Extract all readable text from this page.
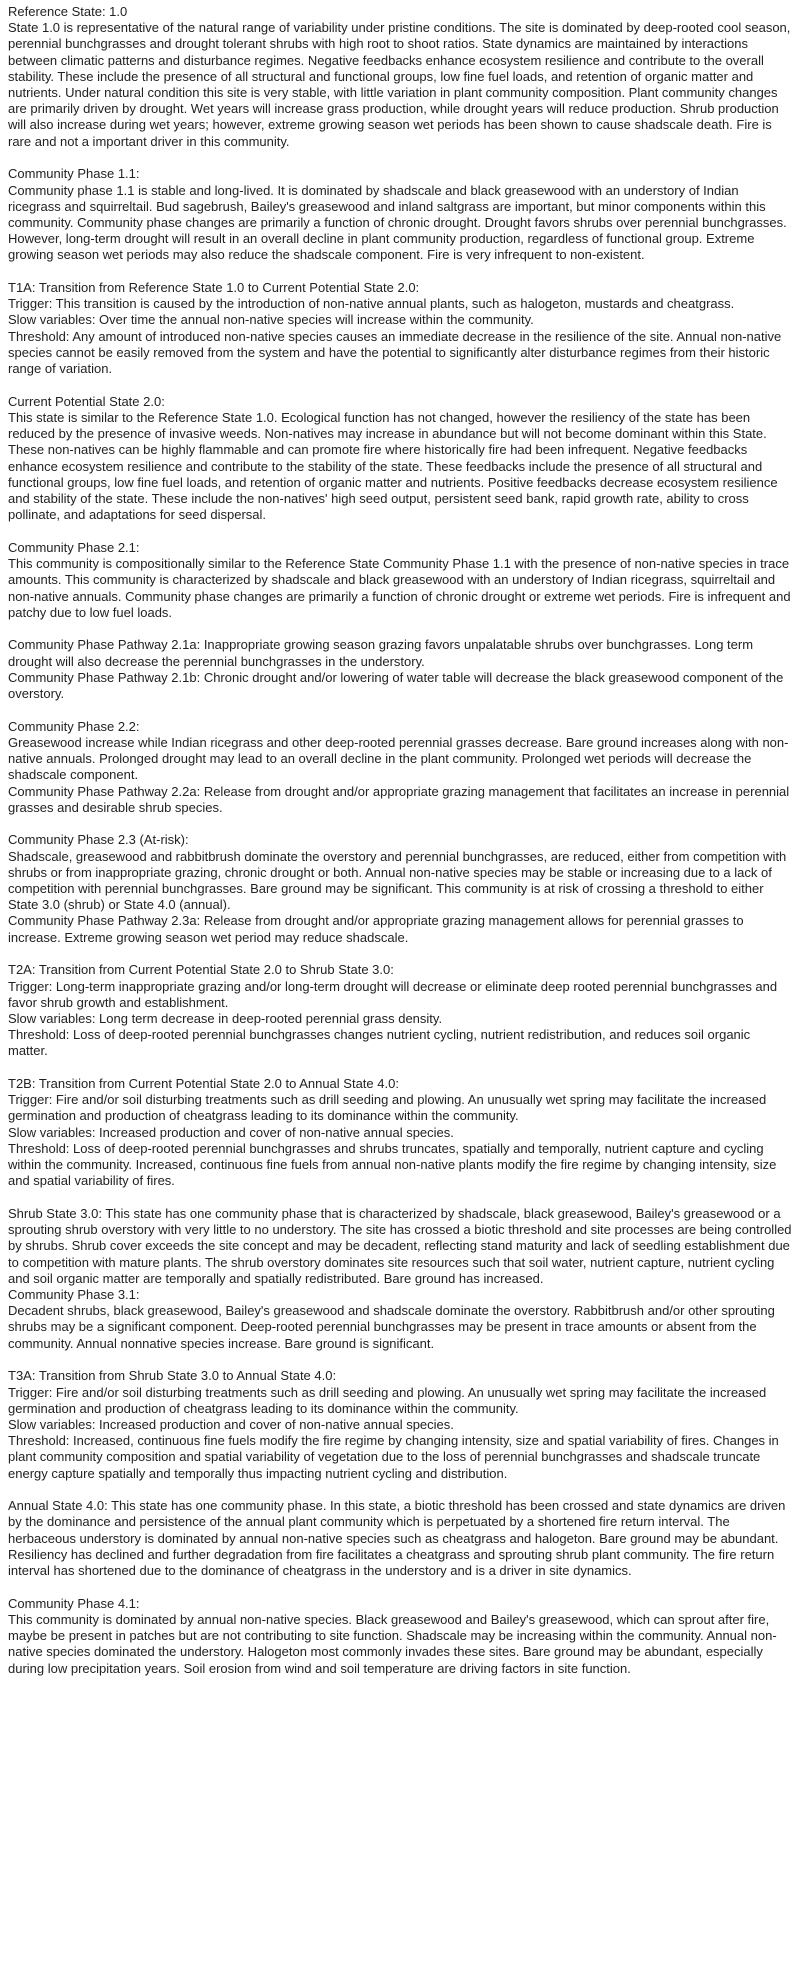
Reference State: 1.0
State 1.0 is representative of the natural range of variability under pristine conditions. The site is dominated by deep-rooted cool season, perennial bunchgrasses and drought tolerant shrubs with high root to shoot ratios. State dynamics are maintained by interactions between climatic patterns and disturbance regimes. Negative feedbacks enhance ecosystem resilience and contribute to the overall stability. These include the presence of all structural and functional groups, low fine fuel loads, and retention of organic matter and nutrients. Under natural condition this site is very stable, with little variation in plant community composition. Plant community changes are primarily driven by drought. Wet years will increase grass production, while drought years will reduce production. Shrub production will also increase during wet years; however, extreme growing season wet periods has been shown to cause shadscale death. Fire is rare and not a important driver in this community.
Community Phase 1.1:
Community phase 1.1 is stable and long-lived. It is dominated by shadscale and black greasewood with an understory of Indian ricegrass and squirreltail. Bud sagebrush, Bailey's greasewood and inland saltgrass are important, but minor components within this community. Community phase changes are primarily a function of chronic drought. Drought favors shrubs over perennial bunchgrasses. However, long-term drought will result in an overall decline in plant community production, regardless of functional group. Extreme growing season wet periods may also reduce the shadscale component. Fire is very infrequent to non-existent.
T1A: Transition from Reference State 1.0 to Current Potential State 2.0:
Trigger: This transition is caused by the introduction of non-native annual plants, such as halogeton, mustards and cheatgrass.
Slow variables: Over time the annual non-native species will increase within the community.
Threshold: Any amount of introduced non-native species causes an immediate decrease in the resilience of the site. Annual non-native species cannot be easily removed from the system and have the potential to significantly alter disturbance regimes from their historic range of variation.
Current Potential State 2.0:
This state is similar to the Reference State 1.0. Ecological function has not changed, however the resiliency of the state has been reduced by the presence of invasive weeds. Non-natives may increase in abundance but will not become dominant within this State. These non-natives can be highly flammable and can promote fire where historically fire had been infrequent. Negative feedbacks enhance ecosystem resilience and contribute to the stability of the state. These feedbacks include the presence of all structural and functional groups, low fine fuel loads, and retention of organic matter and nutrients. Positive feedbacks decrease ecosystem resilience and stability of the state. These include the non-natives' high seed output, persistent seed bank, rapid growth rate, ability to cross pollinate, and adaptations for seed dispersal.
Community Phase 2.1:
This community is compositionally similar to the Reference State Community Phase 1.1 with the presence of non-native species in trace amounts. This community is characterized by shadscale and black greasewood with an understory of Indian ricegrass, squirreltail and non-native annuals. Community phase changes are primarily a function of chronic drought or extreme wet periods. Fire is infrequent and patchy due to low fuel loads.
Community Phase Pathway 2.1a: Inappropriate growing season grazing favors unpalatable shrubs over bunchgrasses. Long term drought will also decrease the perennial bunchgrasses in the understory.
Community Phase Pathway 2.1b: Chronic drought and/or lowering of water table will decrease the black greasewood component of the overstory.
Community Phase 2.2:
Greasewood increase while Indian ricegrass and other deep-rooted perennial grasses decrease. Bare ground increases along with non-native annuals. Prolonged drought may lead to an overall decline in the plant community. Prolonged wet periods will decrease the shadscale component.
Community Phase Pathway 2.2a: Release from drought and/or appropriate grazing management that facilitates an increase in perennial grasses and desirable shrub species.
Community Phase 2.3 (At-risk):
Shadscale, greasewood and rabbitbrush dominate the overstory and perennial bunchgrasses, are reduced, either from competition with shrubs or from inappropriate grazing, chronic drought or both. Annual non-native species may be stable or increasing due to a lack of competition with perennial bunchgrasses. Bare ground may be significant. This community is at risk of crossing a threshold to either State 3.0 (shrub) or State 4.0 (annual).
Community Phase Pathway 2.3a: Release from drought and/or appropriate grazing management allows for perennial grasses to increase. Extreme growing season wet period may reduce shadscale.
T2A: Transition from Current Potential State 2.0 to Shrub State 3.0:
Trigger: Long-term inappropriate grazing and/or long-term drought will decrease or eliminate deep rooted perennial bunchgrasses and favor shrub growth and establishment.
Slow variables: Long term decrease in deep-rooted perennial grass density.
Threshold: Loss of deep-rooted perennial bunchgrasses changes nutrient cycling, nutrient redistribution, and reduces soil organic matter.
T2B: Transition from Current Potential State 2.0 to Annual State 4.0:
Trigger: Fire and/or soil disturbing treatments such as drill seeding and plowing. An unusually wet spring may facilitate the increased germination and production of cheatgrass leading to its dominance within the community.
Slow variables: Increased production and cover of non-native annual species.
Threshold: Loss of deep-rooted perennial bunchgrasses and shrubs truncates, spatially and temporally, nutrient capture and cycling within the community. Increased, continuous fine fuels from annual non-native plants modify the fire regime by changing intensity, size and spatial variability of fires.
Shrub State 3.0: This state has one community phase that is characterized by shadscale, black greasewood, Bailey's greasewood or a sprouting shrub overstory with very little to no understory. The site has crossed a biotic threshold and site processes are being controlled by shrubs. Shrub cover exceeds the site concept and may be decadent, reflecting stand maturity and lack of seedling establishment due to competition with mature plants. The shrub overstory dominates site resources such that soil water, nutrient capture, nutrient cycling and soil organic matter are temporally and spatially redistributed. Bare ground has increased.
Community Phase 3.1:
Decadent shrubs, black greasewood, Bailey's greasewood and shadscale dominate the overstory. Rabbitbrush and/or other sprouting shrubs may be a significant component. Deep-rooted perennial bunchgrasses may be present in trace amounts or absent from the community. Annual nonnative species increase. Bare ground is significant.
T3A: Transition from Shrub State 3.0 to Annual State 4.0:
Trigger: Fire and/or soil disturbing treatments such as drill seeding and plowing. An unusually wet spring may facilitate the increased germination and production of cheatgrass leading to its dominance within the community.
Slow variables: Increased production and cover of non-native annual species.
Threshold: Increased, continuous fine fuels modify the fire regime by changing intensity, size and spatial variability of fires. Changes in plant community composition and spatial variability of vegetation due to the loss of perennial bunchgrasses and shadscale truncate energy capture spatially and temporally thus impacting nutrient cycling and distribution.
Annual State 4.0: This state has one community phase. In this state, a biotic threshold has been crossed and state dynamics are driven by the dominance and persistence of the annual plant community which is perpetuated by a shortened fire return interval. The herbaceous understory is dominated by annual non-native species such as cheatgrass and halogeton. Bare ground may be abundant. Resiliency has declined and further degradation from fire facilitates a cheatgrass and sprouting shrub plant community. The fire return interval has shortened due to the dominance of cheatgrass in the understory and is a driver in site dynamics.
Community Phase 4.1:
This community is dominated by annual non-native species. Black greasewood and Bailey's greasewood, which can sprout after fire, maybe be present in patches but are not contributing to site function. Shadscale may be increasing within the community. Annual non-native species dominated the understory. Halogeton most commonly invades these sites. Bare ground may be abundant, especially during low precipitation years. Soil erosion from wind and soil temperature are driving factors in site function.
